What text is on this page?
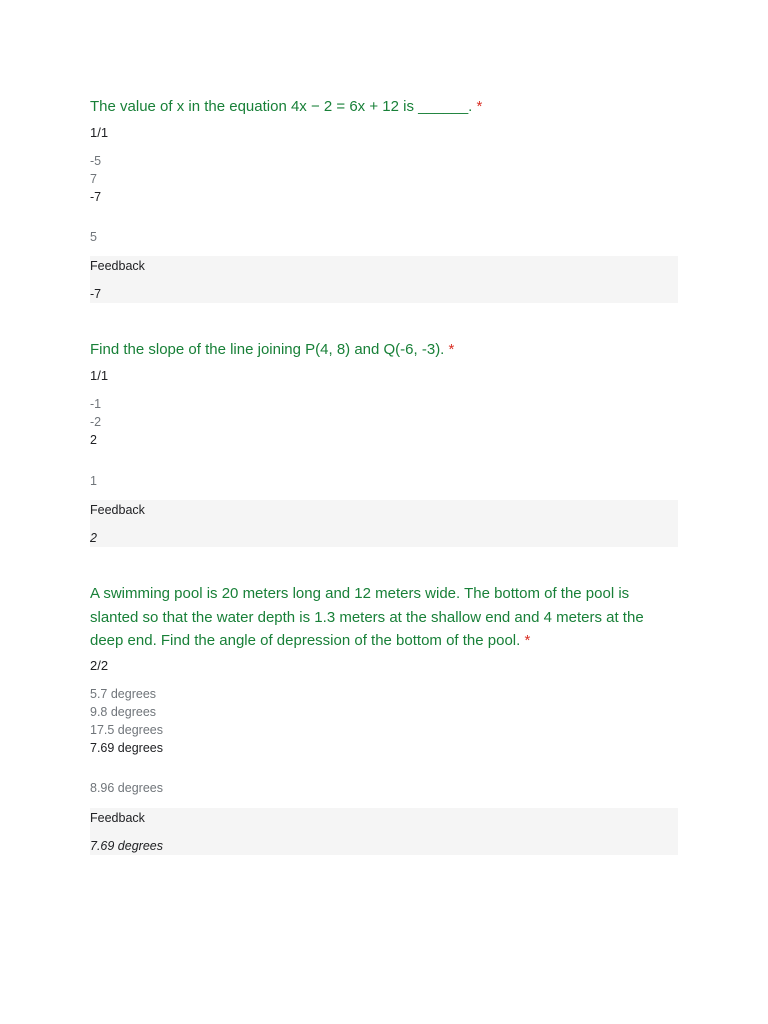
The value of x in the equation 4x − 2 = 6x + 12 is ______. *

1/1
-5
7
-7
5
Feedback
-7

Find the slope of the line joining P(4, 8) and Q(-6, -3). *

1/1
-1
-2
2
1
Feedback
2

A swimming pool is 20 meters long and 12 meters wide. The bottom of the pool is slanted so that the water depth is 1.3 meters at the shallow end and 4 meters at the deep end. Find the angle of depression of the bottom of the pool. *

2/2
5.7 degrees
9.8 degrees
17.5 degrees
7.69 degrees
8.96 degrees
Feedback
7.69 degrees
